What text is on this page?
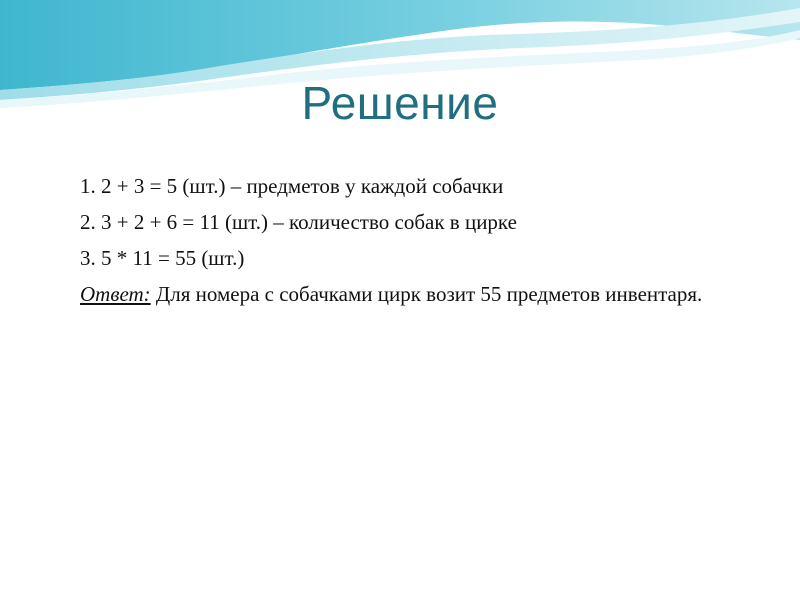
Решение
1. 2 + 3 = 5 (шт.) – предметов у каждой собачки
2. 3 + 2 + 6 = 11 (шт.) – количество собак в цирке
3. 5 * 11 = 55 (шт.)
Ответ: Для номера с собачками цирк возит 55 предметов инвентаря.
